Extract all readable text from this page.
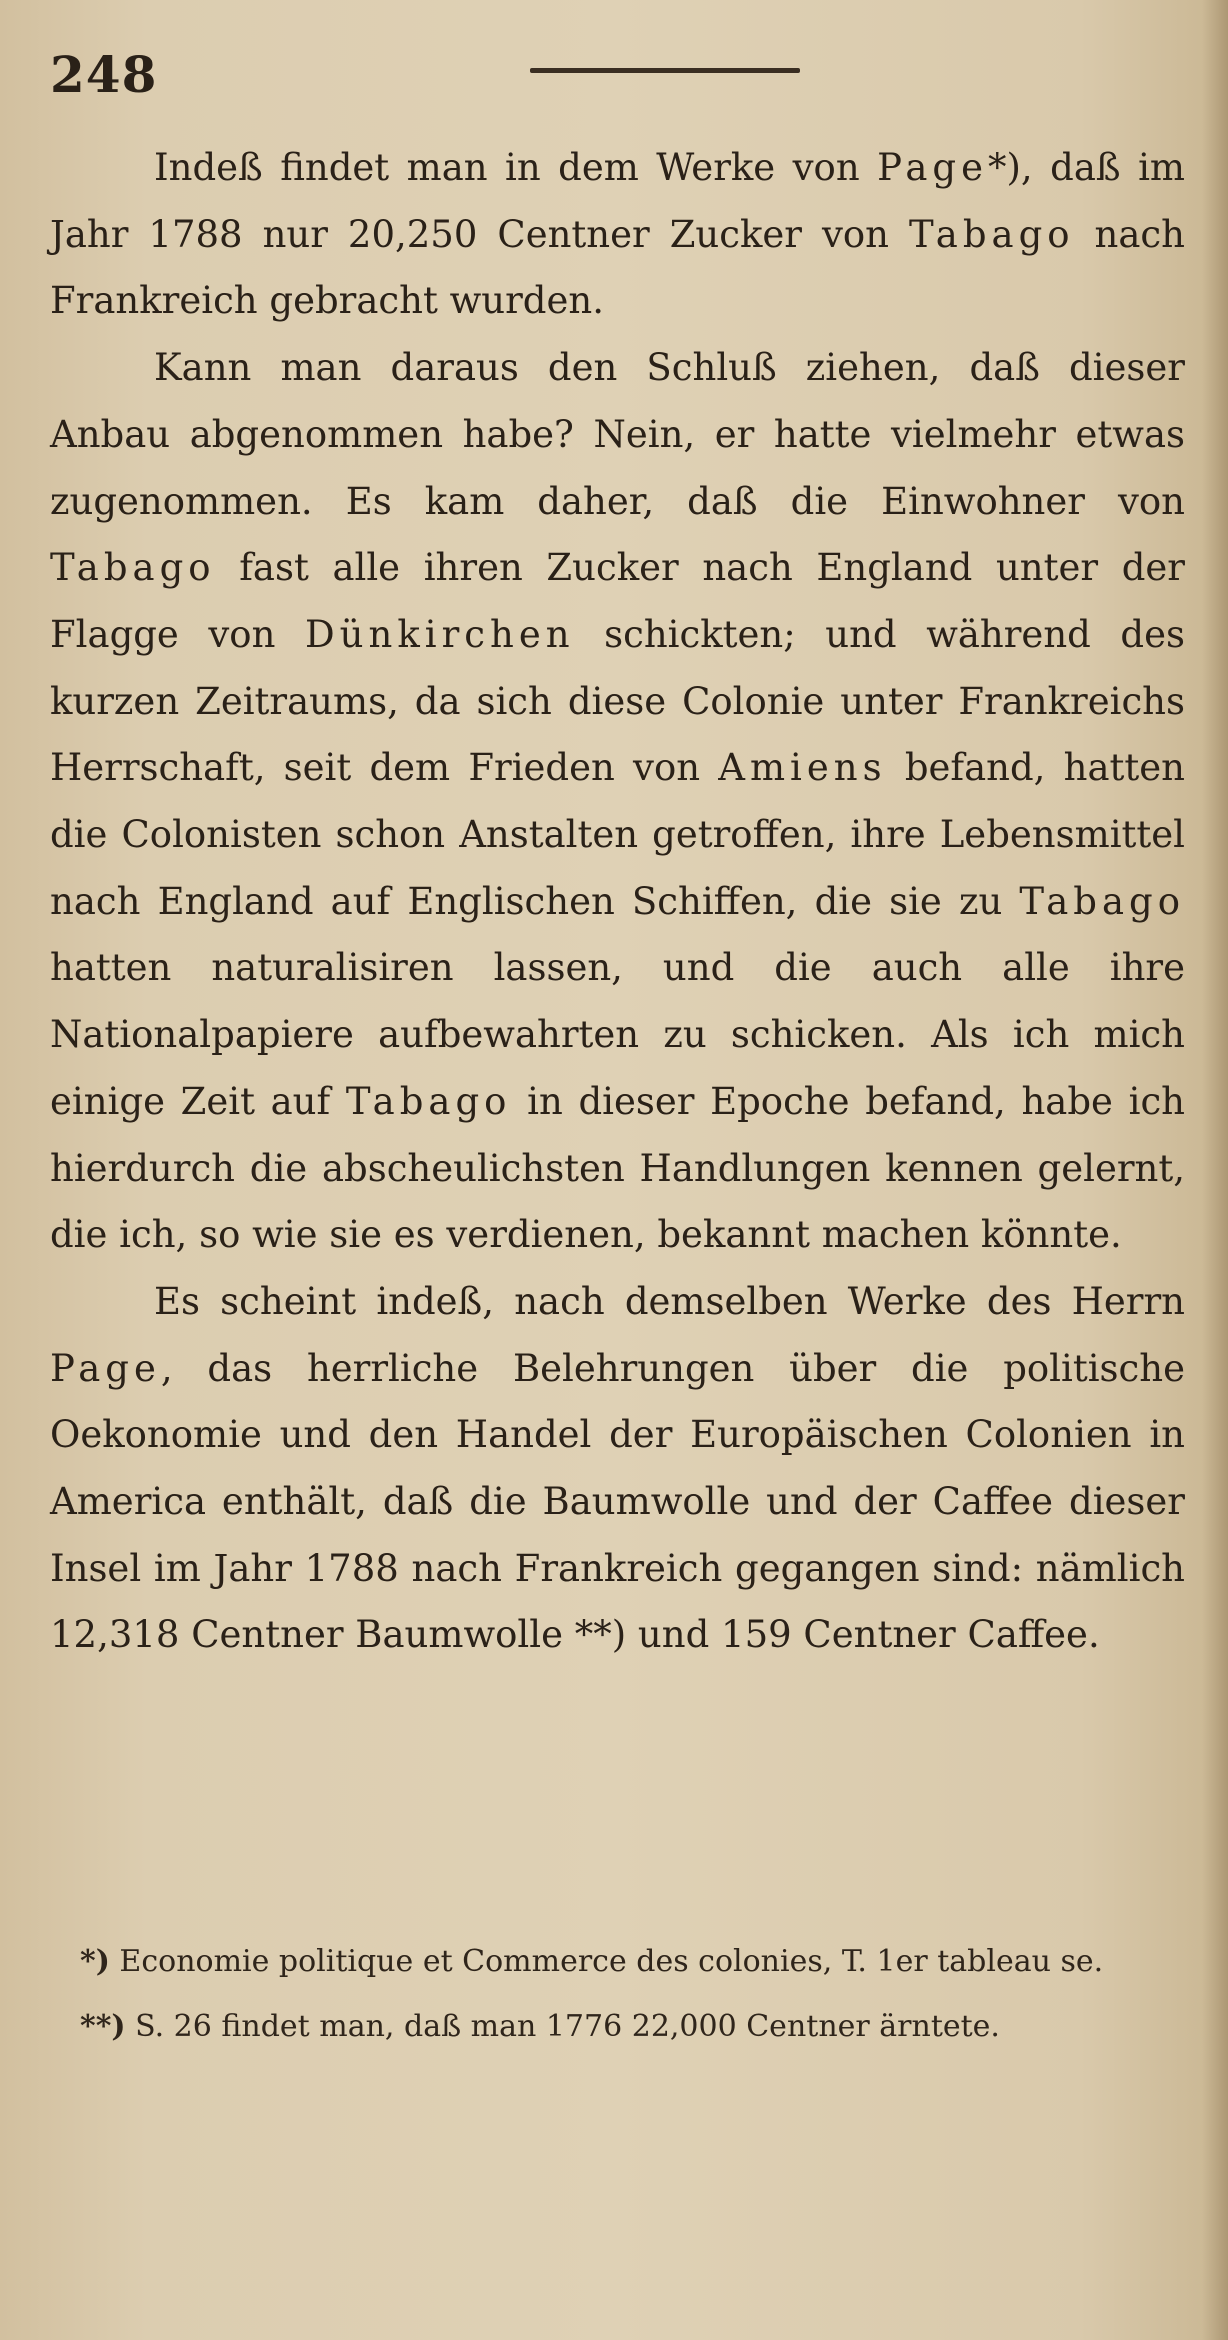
248

Indeß findet man in dem Werke von Page*), daß im Jahr 1788 nur 20,250 Centner Zucker von Tabago nach Frankreich gebracht wurden.

Kann man daraus den Schluß ziehen, daß dieser Anbau abgenommen habe? Nein, er hatte vielmehr etwas zugenommen. Es kam daher, daß die Einwohner von Tabago fast alle ihren Zucker nach England unter der Flagge von Dünkirchen schickten; und während des kurzen Zeitraums, da sich diese Colonie unter Frankreichs Herrschaft, seit dem Frieden von Amiens befand, hatten die Colonisten schon Anstalten getroffen, ihre Lebensmittel nach England auf Englischen Schiffen, die sie zu Tabago hatten naturalisiren lassen, und die auch alle ihre Nationalpapiere aufbewahrten zu schicken. Als ich mich einige Zeit auf Tabago in dieser Epoche befand, habe ich hierdurch die abscheulichsten Handlungen kennen gelernt, die ich, so wie sie es verdienen, bekannt machen könnte.

Es scheint indeß, nach demselben Werke des Herrn Page, das herrliche Belehrungen über die politische Oekonomie und den Handel der Europäischen Colonien in America enthält, daß die Baumwolle und der Caffee dieser Insel im Jahr 1788 nach Frankreich gegangen sind: nämlich 12,318 Centner Baumwolle **) und 159 Centner Caffee.

*) Economie politique et Commerce des colonies, T. 1er tableau se.

**) S. 26 findet man, daß man 1776 22,000 Centner ärntete.
